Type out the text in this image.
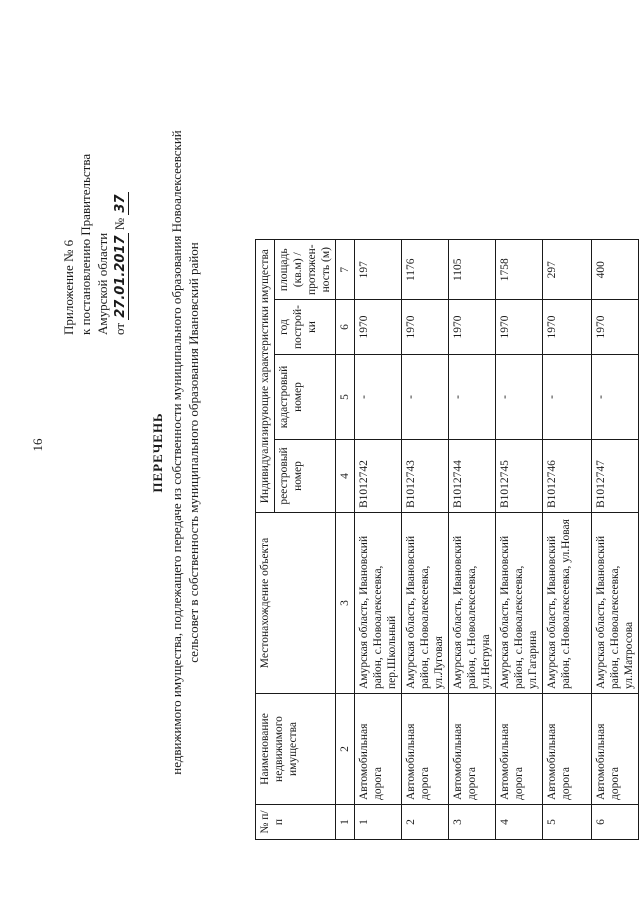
16
Приложение № 6 к постановлению Правительства Амурской области от 27.01.2017 № 37
ПЕРЕЧЕНЬ недвижимого имущества, подлежащего передаче из собственности муниципального образования Новоалексеевский сельсовет в собственность муниципального образования Ивановский район
№ п/п	Наименование недвижимого имущества	Местонахождение объекта	Индивидуализирующие характеристики имущества			
			реестровый номер	кадастровый номер	год построй-ки	площадь (кв.м) / протяжен-ность (м)
1	2	3	4	5	6	7
1	Автомобильная дорога	Амурская область, Ивановский район, с.Новоалексеевка, пер.Школьный	B1012742	-	1970	197
2	Автомобильная дорога	Амурская область, Ивановский район, с.Новоалексеевка, ул.Луговая	B1012743	-	1970	1176
3	Автомобильная дорога	Амурская область, Ивановский район, с.Новоалексеевка, ул.Негруна	B1012744	-	1970	1105
4	Автомобильная дорога	Амурская область, Ивановский район, с.Новоалексеевка, ул.Гагарина	B1012745	-	1970	1758
5	Автомобильная дорога	Амурская область, Ивановский район, с.Новоалексеевка, ул.Новая	B1012746	-	1970	297
6	Автомобильная дорога	Амурская область, Ивановский район, с.Новоалексеевка, ул.Матросова	B1012747	-	1970	400
